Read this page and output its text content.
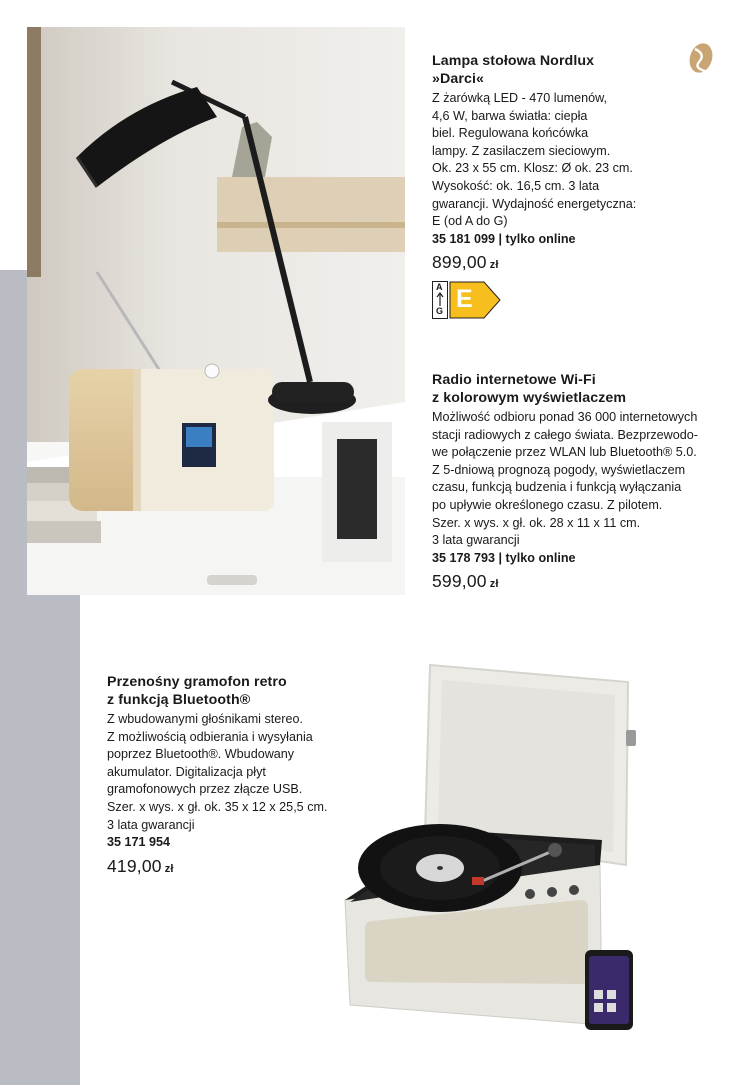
Lampa stołowa Nordlux
»Darci«

Z żarówką LED - 470 lumenów,
4,6 W, barwa światła: ciepła
biel. Regulowana końcówka
lampy. Z zasilaczem sieciowym.
Ok. 23 x 55 cm. Klosz: Ø ok. 23 cm.
Wysokość: ok. 16,5 cm. 3 lata
gwarancji. Wydajność energetyczna:
E (od A do G)

35 181 099 | tylko online
899,00 zł
A
G E

Radio internetowe Wi-Fi
z kolorowym wyświetlaczem

Możliwość odbioru ponad 36 000 internetowych
stacji radiowych z całego świata. Bezprzewodo-
we połączenie przez WLAN lub Bluetooth® 5.0.
Z 5-dniową prognozą pogody, wyświetlaczem
czasu, funkcją budzenia i funkcją wyłączania
po upływie określonego czasu. Z pilotem.
Szer. x wys. x gł. ok. 28 x 11 x 11 cm.
3 lata gwarancji

35 178 793 | tylko online
599,00 zł

Przenośny gramofon retro
z funkcją Bluetooth®

Z wbudowanymi głośnikami stereo.
Z możliwością odbierania i wysyłania
poprzez Bluetooth®. Wbudowany
akumulator. Digitalizacja płyt
gramofonowych przez złącze USB.
Szer. x wys. x gł. ok. 35 x 12 x 25,5 cm.
3 lata gwarancji

35 171 954
419,00 zł
